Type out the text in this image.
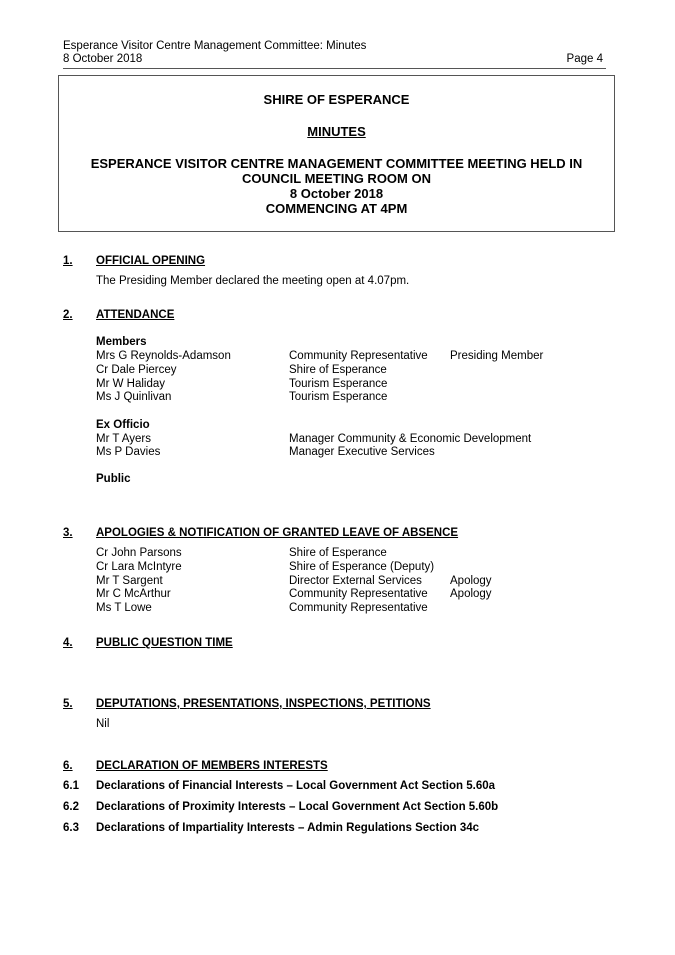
Esperance Visitor Centre Management Committee: Minutes
8 October 2018	Page 4
SHIRE OF ESPERANCE
MINUTES
ESPERANCE VISITOR CENTRE MANAGEMENT COMMITTEE MEETING HELD IN
COUNCIL MEETING ROOM ON
8 October 2018
COMMENCING AT 4PM
1. OFFICIAL OPENING
The Presiding Member declared the meeting open at 4.07pm.
2. ATTENDANCE
Members
Mrs G Reynolds-Adamson	Community Representative Presiding Member
Cr Dale Piercey	Shire of Esperance
Mr W Haliday	Tourism Esperance
Ms J Quinlivan	Tourism Esperance
Ex Officio
Mr T Ayers	Manager Community & Economic Development
Ms P Davies	Manager Executive Services
Public
3. APOLOGIES & NOTIFICATION OF GRANTED LEAVE OF ABSENCE
Cr John Parsons	Shire of Esperance
Cr Lara McIntyre	Shire of Esperance (Deputy)
Mr T Sargent	Director External Services Apology
Mr C McArthur	Community Representative Apology
Ms T Lowe	Community Representative
4. PUBLIC QUESTION TIME
5. DEPUTATIONS, PRESENTATIONS, INSPECTIONS, PETITIONS
Nil
6. DECLARATION OF MEMBERS INTERESTS
6.1 Declarations of Financial Interests – Local Government Act Section 5.60a
6.2 Declarations of Proximity Interests – Local Government Act Section 5.60b
6.3 Declarations of Impartiality Interests – Admin Regulations Section 34c
